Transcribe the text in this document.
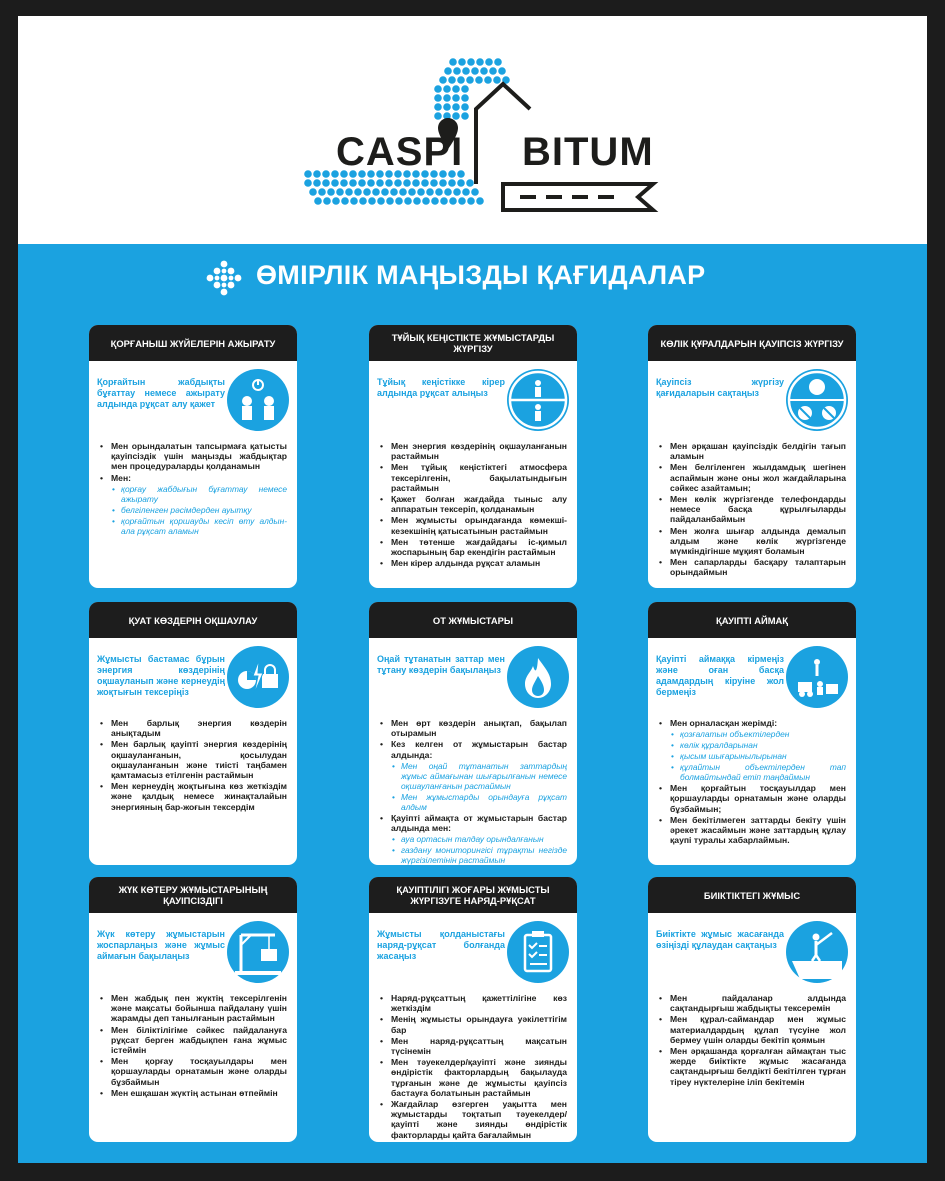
CASPI BITUM
ӨМІРЛІК МАҢЫЗДЫ ҚАҒИДАЛАР
ҚОРҒАНЫШ ЖҮЙЕЛЕРІН АЖЫРАТУ
Қорғайтын жабдықты бұғаттау немесе ажырату алдында рұқсат алу қажет
• Мен орындалатын тапсырмаға қатысты қауіпсіздік үшін маңызды жабдықтар мен процедураларды қолданамын
• Мен:
• қорғау жабдығын бұғаттау немесе ажырату
• белгіленген рәсімдерден ауытқу
• қорғайтын қоршауды кесіп өту алдын-ала рұқсат аламын
ТҰЙЫҚ КЕҢІСТІКТЕ ЖҰМЫСТАРДЫ ЖҮРГІЗУ
Тұйық кеңістікке кірер алдында рұқсат алыңыз
• Мен энергия көздерінің оқшауланғанын растаймын
• Мен тұйық кеңістіктегі атмосфера тексерілгенін, бақылатындығын растаймын
• Қажет болған жағдайда тыныс алу аппаратын тексеріп, қолданамын
• Мен жұмысты орындағанда көмекші-кезекшінің қатысатынын растаймын
• Мен төтенше жағдайдағы іс-қимыл жоспарының бар екендігін растаймын
• Мен кірер алдында рұқсат аламын
КӨЛІК ҚҰРАЛДАРЫН ҚАУІПСІЗ ЖҮРГІЗУ
Қауіпсіз жүргізу қағидаларын сақтаңыз
• Мен әрқашан қауіпсіздік белдігін тағып аламын
• Мен белгіленген жылдамдық шегінен аспаймын және оны жол жағдайларына сәйкес азайтамын;
• Мен көлік жүргізгенде телефондарды немесе басқа құрылғыларды пайдаланбаймын
• Мен жолға шығар алдында демалып алдым және көлік жүргізгенде мүмкіндігінше мұқият боламын
• Мен сапарларды басқару талаптарын орындаймын
ҚУАТ КӨЗДЕРІН ОҚШАУЛАУ
Жұмысты бастамас бұрын энергия көздерінің оқшауланып және кернеудің жоқтығын тексеріңіз
• Мен барлық энергия көздерін анықтадым
• Мен барлық қауіпті энергия көздерінің оқшауланғанын, қосылудан оқшауланғанын және тиісті таңбамен қамтамасыз етілгенін растаймын
• Мен кернеудің жоқтығына көз жеткіздім және қалдық немесе жинақталайын энергияның бар-жоғын тексердім
ОТ ЖҰМЫСТАРЫ
Оңай тұтанатын заттар мен тұтану көздерін бақылаңыз
• Мен өрт көздерін анықтап, бақылап отырамын
• Кез келген от жұмыстарын бастар алдында:
• Мен оңай тұтанатын заттардың жұмыс аймағынан шығарылғанын немесе оқшауланғанын растаймын
• Мен жұмыстарды орындауға рұқсат алдым
• Қауіпті аймақта от жұмыстарын бастар алдында мен:
• ауа ортасын талдау орындалғанын
• газдану мониторингісі тұрақты негізде жүргізілетінін растаймын
ҚАУІПТІ АЙМАҚ
Қауіпті аймаққа кірмеңіз және оған басқа адамдардың кіруіне жол бермеңіз
• Мен орналасқан жерімді:
• қозғалатын объектілерден
• көлік құралдарынан
• қысым шығарынылырынан
• құлайтын объектілерден тап болмайтындай етіп таңдаймын
• Мен қорғайтын тосқауылдар мен қоршауларды орнатамын және оларды бұзбаймын;
• Мен бекітілмеген заттарды бекіту үшін әрекет жасаймын және заттардың құлау қаупі туралы хабарлаймын.
ЖҮК КӨТЕРУ ЖҰМЫСТАРЫНЫҢ ҚАУІПСІЗДІГІ
Жүк көтеру жұмыстарын жоспарлаңыз және жұмыс аймағын бақылаңыз
• Мен жабдық пен жүктің тексерілгенін және мақсаты бойынша пайдалану үшін жарамды деп танылғанын растаймын
• Мен біліктілігіме сәйкес пайдалануға рұқсат берген жабдықпен ғана жұмыс істеймін
• Мен қорғау тосқауылдары мен қоршауларды орнатамын және оларды бұзбаймын
• Мен ешқашан жүктің астынан өтпеймін
ҚАУІПТІЛІГІ ЖОҒАРЫ ЖҰМЫСТЫ ЖҮРГІЗУГЕ НАРЯД-РҰҚСАТ
Жұмысты қолданыстағы наряд-рұқсат болғанда жасаңыз
• Наряд-рұқсаттың қажеттілігіне көз жеткіздім
• Менің жұмысты орындауға уәкілеттігім бар
• Мен наряд-рұқсаттың мақсатын түсінемін
• Мен тәуекелдер/қауіпті және зиянды өндірістік факторлардың бақылауда тұрғанын және де жұмысты қауіпсіз бастауға болатынын растаймын
• Жағдайлар өзгерген уақытта мен жұмыстарды тоқтатып тәуекелдер/қауіпті және зиянды өндірістік факторларды қайта бағалаймын
БИІКТІКТЕГІ ЖҰМЫС
Биіктікте жұмыс жасағанда өзіңізді құлаудан сақтаңыз
• Мен пайдаланар алдында сақтандырғыш жабдықты тексеремін
• Мен құрал-саймандар мен жұмыс материалдардың құлап түсуіне жол бермеу үшін оларды бекітіп қоямын
• Мен әрқашанда қорғалған аймақтан тыс жерде биіктікте жұмыс жасағанда сақтандырғыш белдікті бекітілген тұрған тірeу нүктелеріне іліп бекітемін
